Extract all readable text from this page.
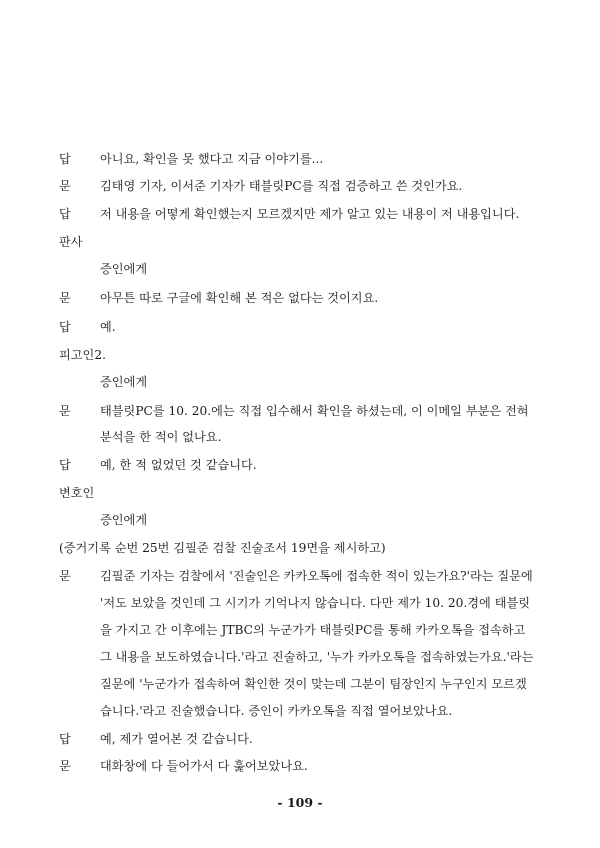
답 아니요, 확인을 못 했다고 지금 이야기를...
문 김태영 기자, 이서준 기자가 태블릿PC를 직접 검증하고 쓴 것인가요.
답 저 내용을 어떻게 확인했는지 모르겠지만 제가 알고 있는 내용이 저 내용입니다.
판사
증인에게
문 아무튼 따로 구글에 확인해 본 적은 없다는 것이지요.
답 예.
피고인2.
증인에게
문 태블릿PC를 10. 20.에는 직접 입수해서 확인을 하셨는데, 이 이메일 부분은 전혀
분석을 한 적이 없나요.
답 예, 한 적 없었던 것 같습니다.
변호인
증인에게
(증거기록 순번 25번 김필준 검찰 진술조서 19면을 제시하고)
문 김필준 기자는 검찰에서 '진술인은 카카오톡에 접속한 적이 있는가요?'라는 질문에
'저도 보았을 것인데 그 시기가 기억나지 않습니다. 다만 제가 10. 20.경에 태블릿
을 가지고 간 이후에는 JTBC의 누군가가 태블릿PC를 통해 카카오톡을 접속하고
그 내용을 보도하였습니다.'라고 진술하고, '누가 카카오톡을 접속하였는가요.'라는
질문에 '누군가가 접속하여 확인한 것이 맞는데 그분이 팀장인지 누구인지 모르겠
습니다.'라고 진술했습니다. 증인이 카카오톡을 직접 열어보았나요.
답 예, 제가 열어본 것 같습니다.
문 대화창에 다 들어가서 다 훑어보았나요.
- 109 -
